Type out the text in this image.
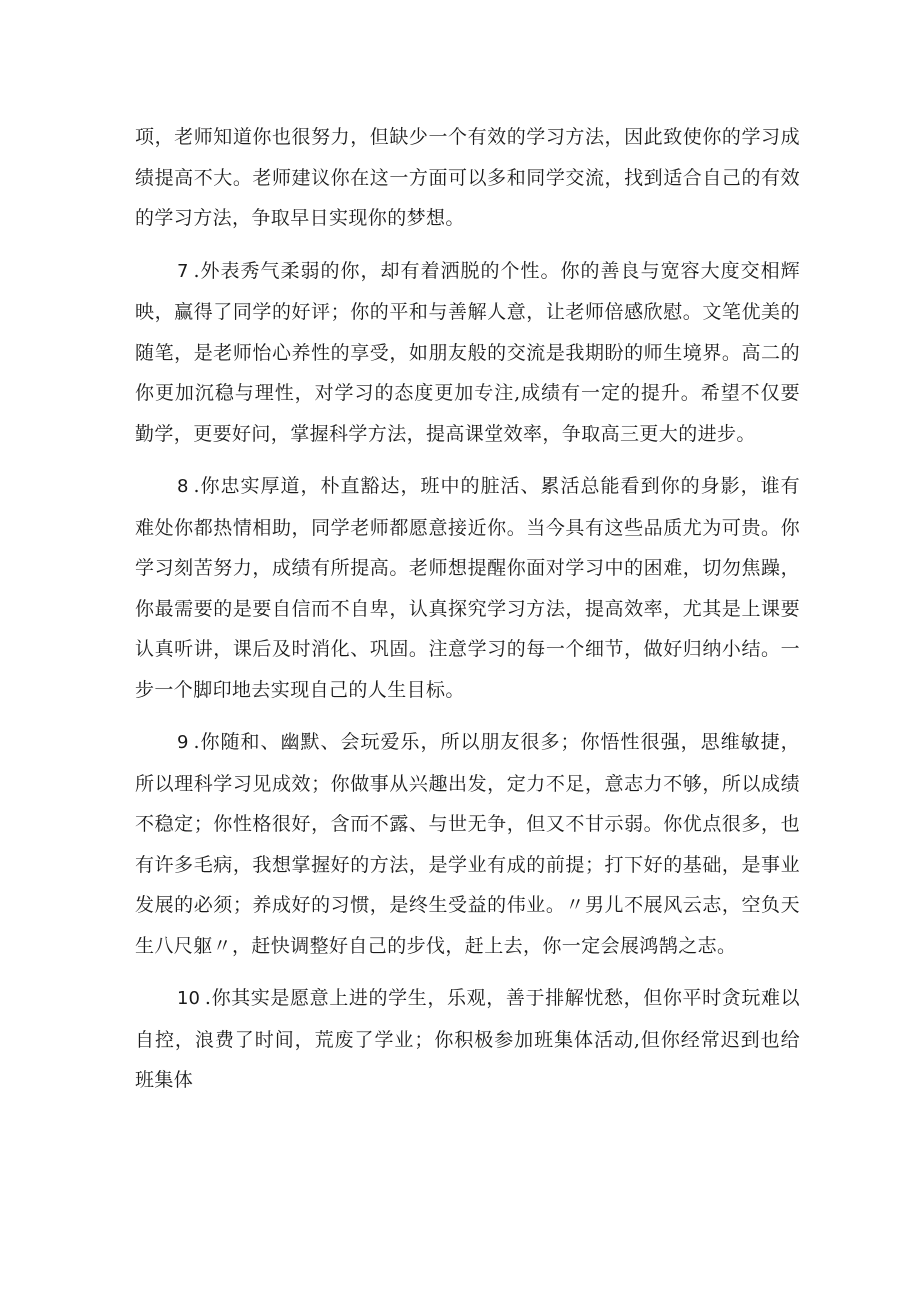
项，老师知道你也很努力，但缺少一个有效的学习方法，因此致使你的学习成绩提高不大。老师建议你在这一方面可以多和同学交流，找到适合自己的有效的学习方法，争取早日实现你的梦想。

7 .外表秀气柔弱的你，却有着洒脱的个性。你的善良与宽容大度交相辉映，赢得了同学的好评；你的平和与善解人意，让老师倍感欣慰。文笔优美的随笔，是老师怡心养性的享受，如朋友般的交流是我期盼的师生境界。高二的你更加沉稳与理性，对学习的态度更加专注,成绩有一定的提升。希望不仅要勤学，更要好问，掌握科学方法，提高课堂效率，争取高三更大的进步。

8 .你忠实厚道，朴直豁达，班中的脏活、累活总能看到你的身影，谁有难处你都热情相助，同学老师都愿意接近你。当今具有这些品质尤为可贵。你学习刻苦努力，成绩有所提高。老师想提醒你面对学习中的困难，切勿焦躁，你最需要的是要自信而不自卑，认真探究学习方法，提高效率，尤其是上课要认真听讲，课后及时消化、巩固。注意学习的每一个细节，做好归纳小结。一步一个脚印地去实现自己的人生目标。

9 .你随和、幽默、会玩爱乐，所以朋友很多；你悟性很强，思维敏捷，所以理科学习见成效；你做事从兴趣出发，定力不足，意志力不够，所以成绩不稳定；你性格很好，含而不露、与世无争，但又不甘示弱。你优点很多，也有许多毛病，我想掌握好的方法，是学业有成的前提；打下好的基础，是事业发展的必须；养成好的习惯，是终生受益的伟业。〃男儿不展风云志，空负天生八尺躯〃，赶快调整好自己的步伐，赶上去，你一定会展鸿鹄之志。

10 .你其实是愿意上进的学生，乐观，善于排解忧愁，但你平时贪玩难以自控，浪费了时间，荒废了学业；你积极参加班集体活动,但你经常迟到也给班集体
